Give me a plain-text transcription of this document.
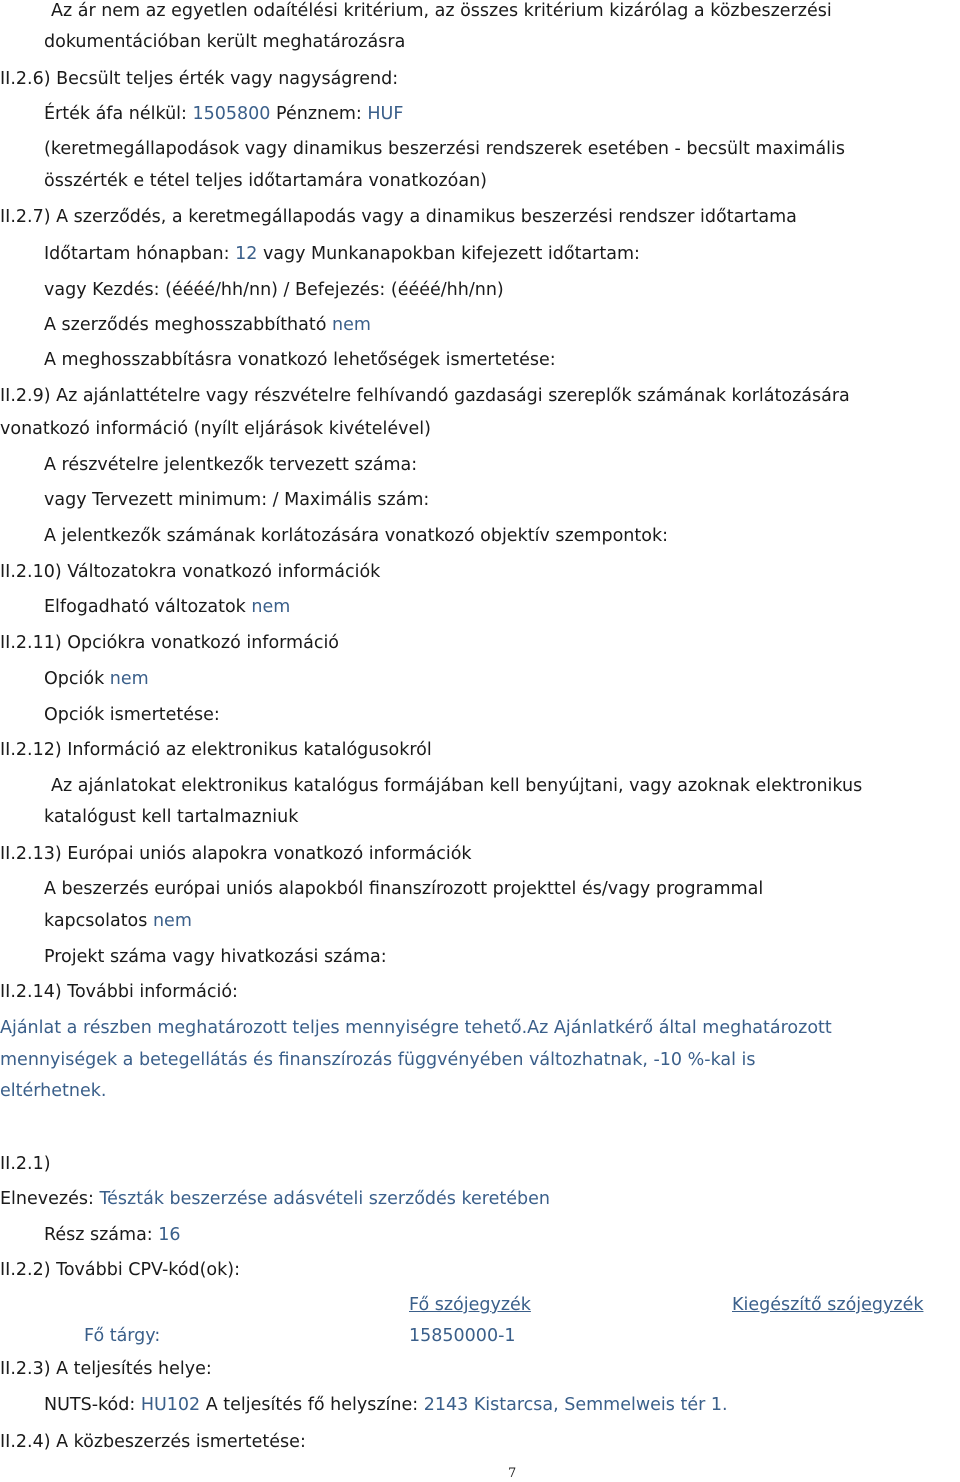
Az ár nem az egyetlen odaítélési kritérium, az összes kritérium kizárólag a közbeszerzési
dokumentációban került meghatározásra
II.2.6) Becsült teljes érték vagy nagyságrend:
Érték áfa nélkül: 1505800 Pénznem: HUF
(keretmegállapodások vagy dinamikus beszerzési rendszerek esetében - becsült maximális
összérték e tétel teljes időtartamára vonatkozóan)
II.2.7) A szerződés, a keretmegállapodás vagy a dinamikus beszerzési rendszer időtartama
Időtartam hónapban: 12 vagy Munkanapokban kifejezett időtartam:
vagy Kezdés: (éééé/hh/nn) / Befejezés: (éééé/hh/nn)
A szerződés meghosszabbítható nem
A meghosszabbításra vonatkozó lehetőségek ismertetése:
II.2.9) Az ajánlattételre vagy részvételre felhívandó gazdasági szereplők számának korlátozására
vonatkozó információ (nyílt eljárások kivételével)
A részvételre jelentkezők tervezett száma:
vagy Tervezett minimum: / Maximális szám:
A jelentkezők számának korlátozására vonatkozó objektív szempontok:
II.2.10) Változatokra vonatkozó információk
Elfogadható változatok nem
II.2.11) Opciókra vonatkozó információ
Opciók nem
Opciók ismertetése:
II.2.12) Információ az elektronikus katalógusokról
Az ajánlatokat elektronikus katalógus formájában kell benyújtani, vagy azoknak elektronikus
katalógust kell tartalmazniuk
II.2.13) Európai uniós alapokra vonatkozó információk
A beszerzés európai uniós alapokból finanszírozott projekttel és/vagy programmal
kapcsolatos nem
Projekt száma vagy hivatkozási száma:
II.2.14) További információ:
Ajánlat a részben meghatározott teljes mennyiségre tehető.Az Ajánlatkérő által meghatározott
mennyiségek a betegellátás és finanszírozás függvényében változhatnak, -10 %-kal is
eltérhetnek.
II.2.1)
Elnevezés: Tészták beszerzése adásvételi szerződés keretében
Rész száma: 16
II.2.2) További CPV-kód(ok):
Fő szójegyzék	Kiegészítő szójegyzék
Fő tárgy:	15850000-1
II.2.3) A teljesítés helye:
NUTS-kód: HU102 A teljesítés fő helyszíne: 2143 Kistarcsa, Semmelweis tér 1.
II.2.4) A közbeszerzés ismertetése:
7
